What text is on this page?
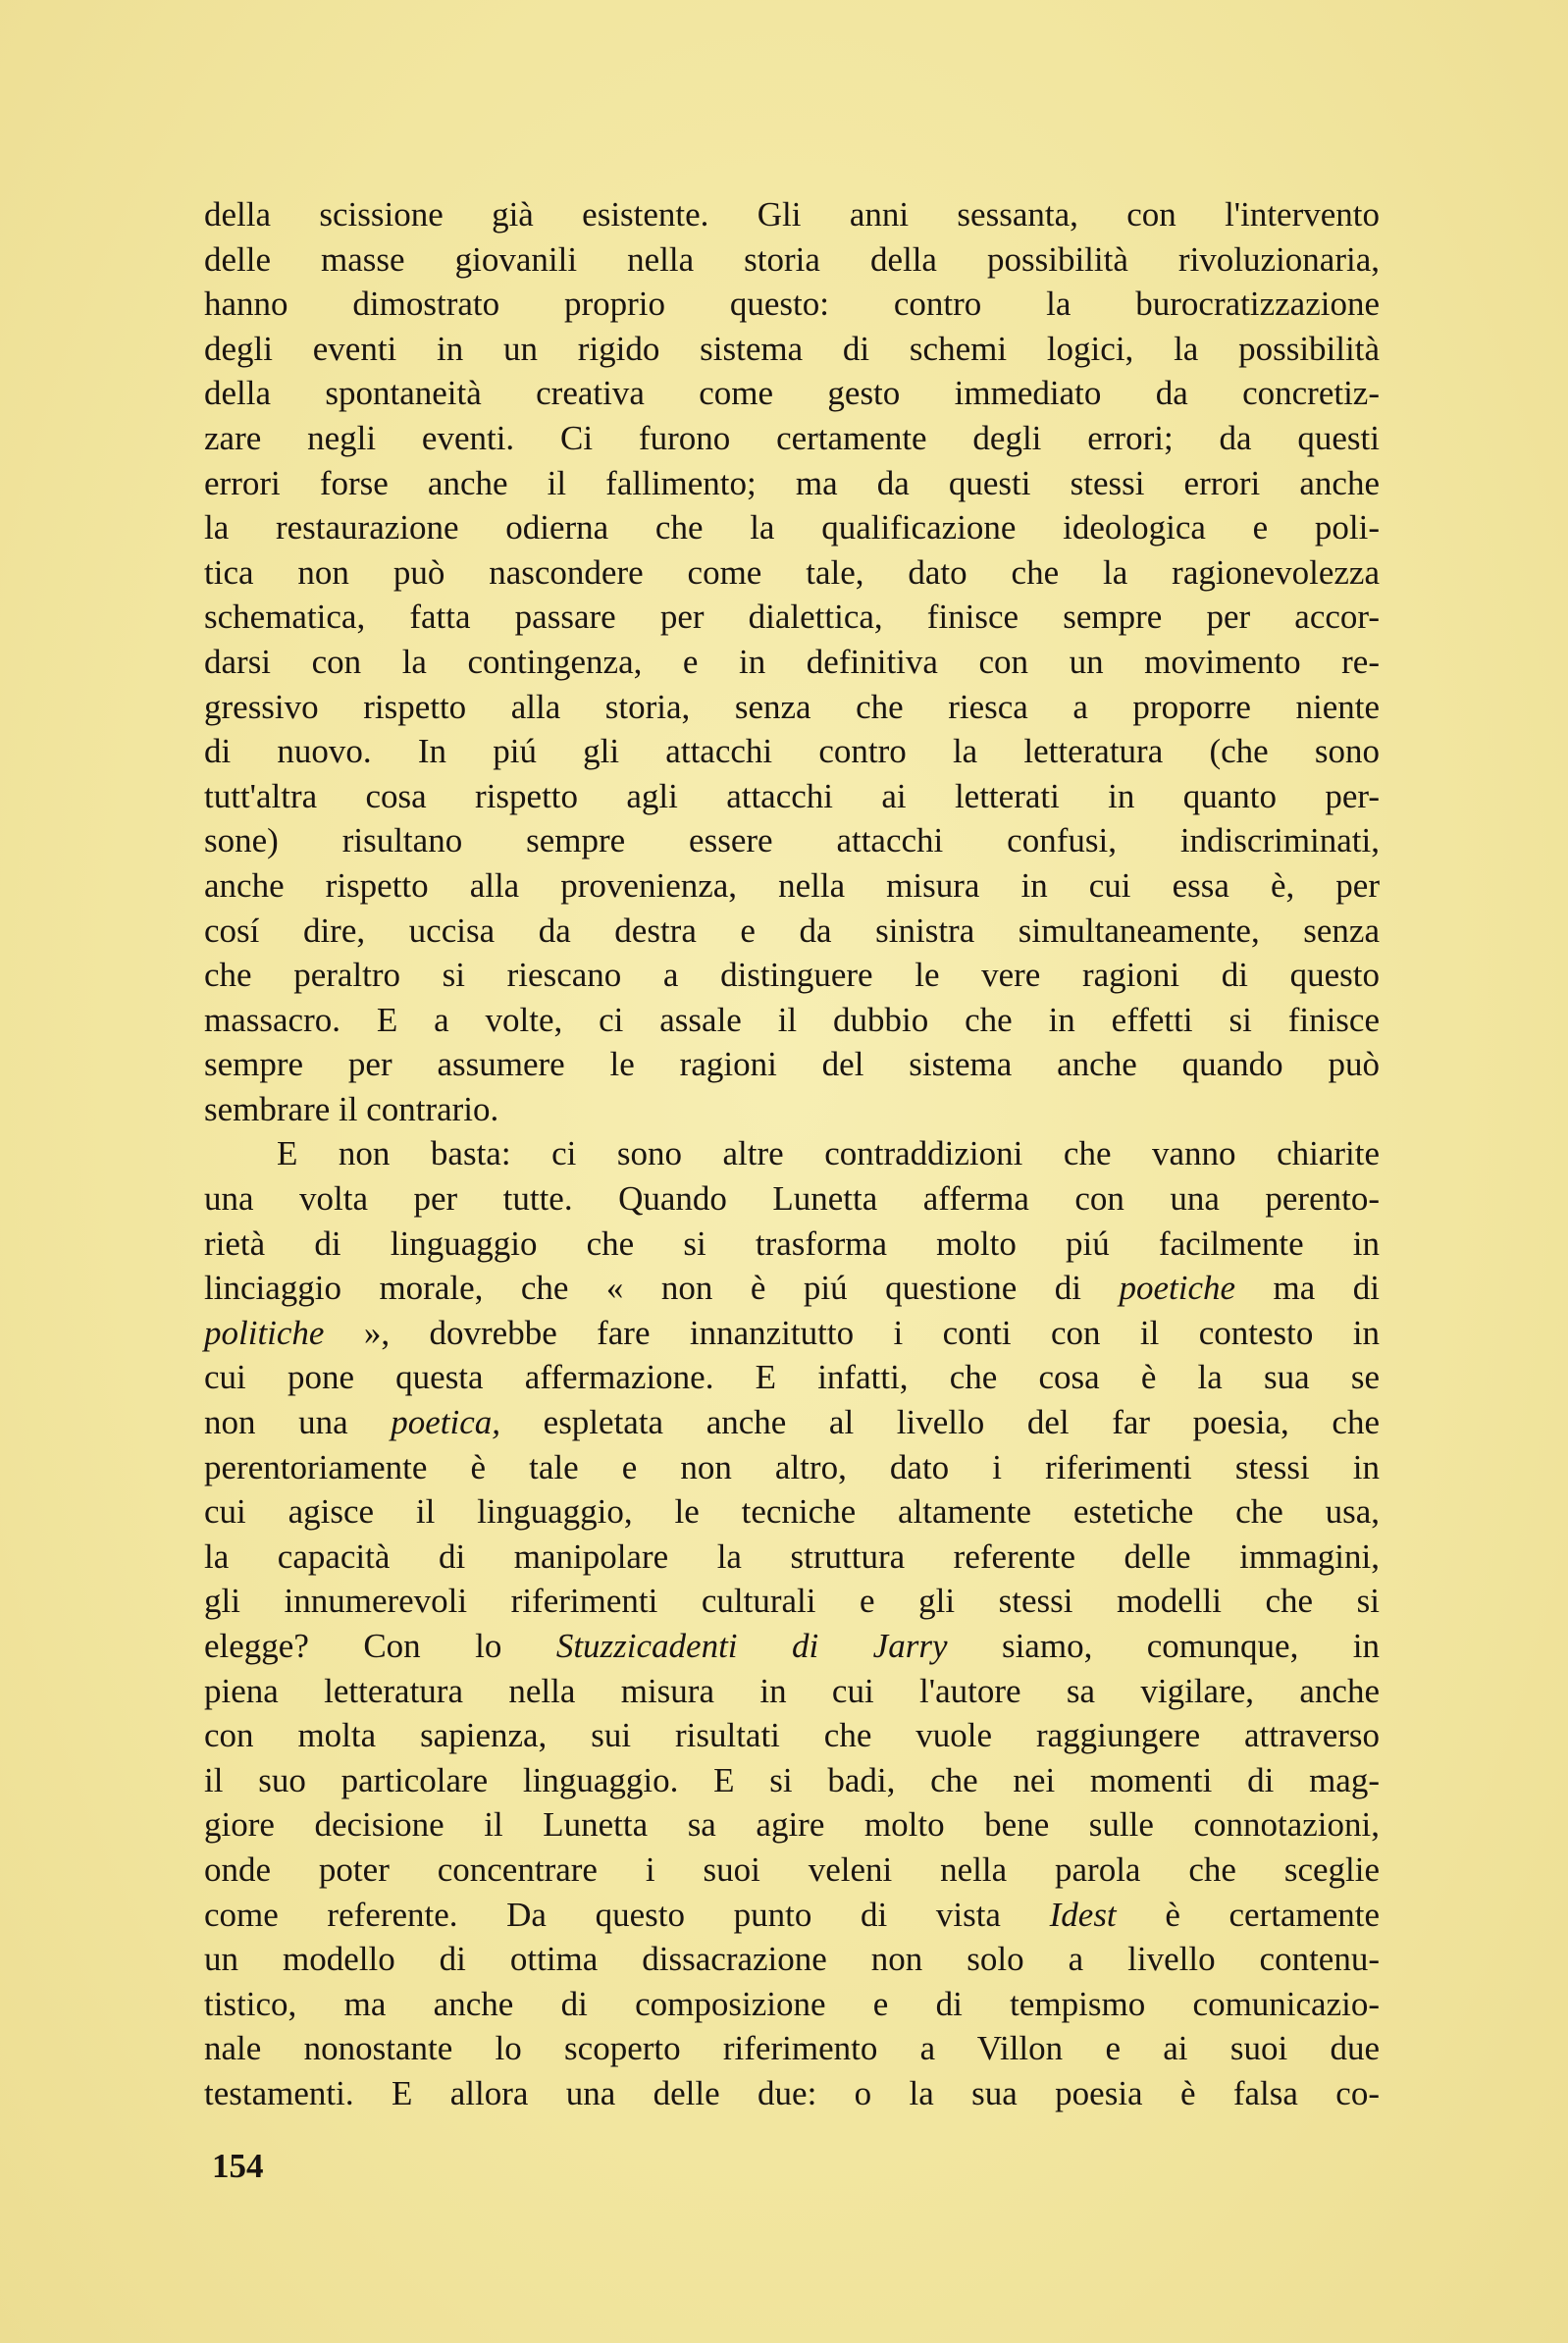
della scissione già esistente. Gli anni sessanta, con l'intervento
delle masse giovanili nella storia della possibilità rivoluzionaria,
hanno dimostrato proprio questo: contro la burocratizzazione
degli eventi in un rigido sistema di schemi logici, la possibilità
della spontaneità creativa come gesto immediato da concretiz-
zare negli eventi. Ci furono certamente degli errori; da questi
errori forse anche il fallimento; ma da questi stessi errori anche
la restaurazione odierna che la qualificazione ideologica e poli-
tica non può nascondere come tale, dato che la ragionevolezza
schematica, fatta passare per dialettica, finisce sempre per accor-
darsi con la contingenza, e in definitiva con un movimento re-
gressivo rispetto alla storia, senza che riesca a proporre niente
di nuovo. In piú gli attacchi contro la letteratura (che sono
tutt'altra cosa rispetto agli attacchi ai letterati in quanto per-
sone) risultano sempre essere attacchi confusi, indiscriminati,
anche rispetto alla provenienza, nella misura in cui essa è, per
cosí dire, uccisa da destra e da sinistra simultaneamente, senza
che peraltro si riescano a distinguere le vere ragioni di questo
massacro. E a volte, ci assale il dubbio che in effetti si finisce
sempre per assumere le ragioni del sistema anche quando può
sembrare il contrario.
E non basta: ci sono altre contraddizioni che vanno chiarite
una volta per tutte. Quando Lunetta afferma con una perento-
rietà di linguaggio che si trasforma molto piú facilmente in
linciaggio morale, che « non è piú questione di poetiche ma di
politiche », dovrebbe fare innanzitutto i conti con il contesto in
cui pone questa affermazione. E infatti, che cosa è la sua se
non una poetica, espletata anche al livello del far poesia, che
perentoriamente è tale e non altro, dato i riferimenti stessi in
cui agisce il linguaggio, le tecniche altamente estetiche che usa,
la capacità di manipolare la struttura referente delle immagini,
gli innumerevoli riferimenti culturali e gli stessi modelli che si
elegge? Con lo Stuzzicadenti di Jarry siamo, comunque, in
piena letteratura nella misura in cui l'autore sa vigilare, anche
con molta sapienza, sui risultati che vuole raggiungere attraverso
il suo particolare linguaggio. E si badi, che nei momenti di mag-
giore decisione il Lunetta sa agire molto bene sulle connotazioni,
onde poter concentrare i suoi veleni nella parola che sceglie
come referente. Da questo punto di vista Idest è certamente
un modello di ottima dissacrazione non solo a livello contenu-
tistico, ma anche di composizione e di tempismo comunicazio-
nale nonostante lo scoperto riferimento a Villon e ai suoi due
testamenti. E allora una delle due: o la sua poesia è falsa co-
154
